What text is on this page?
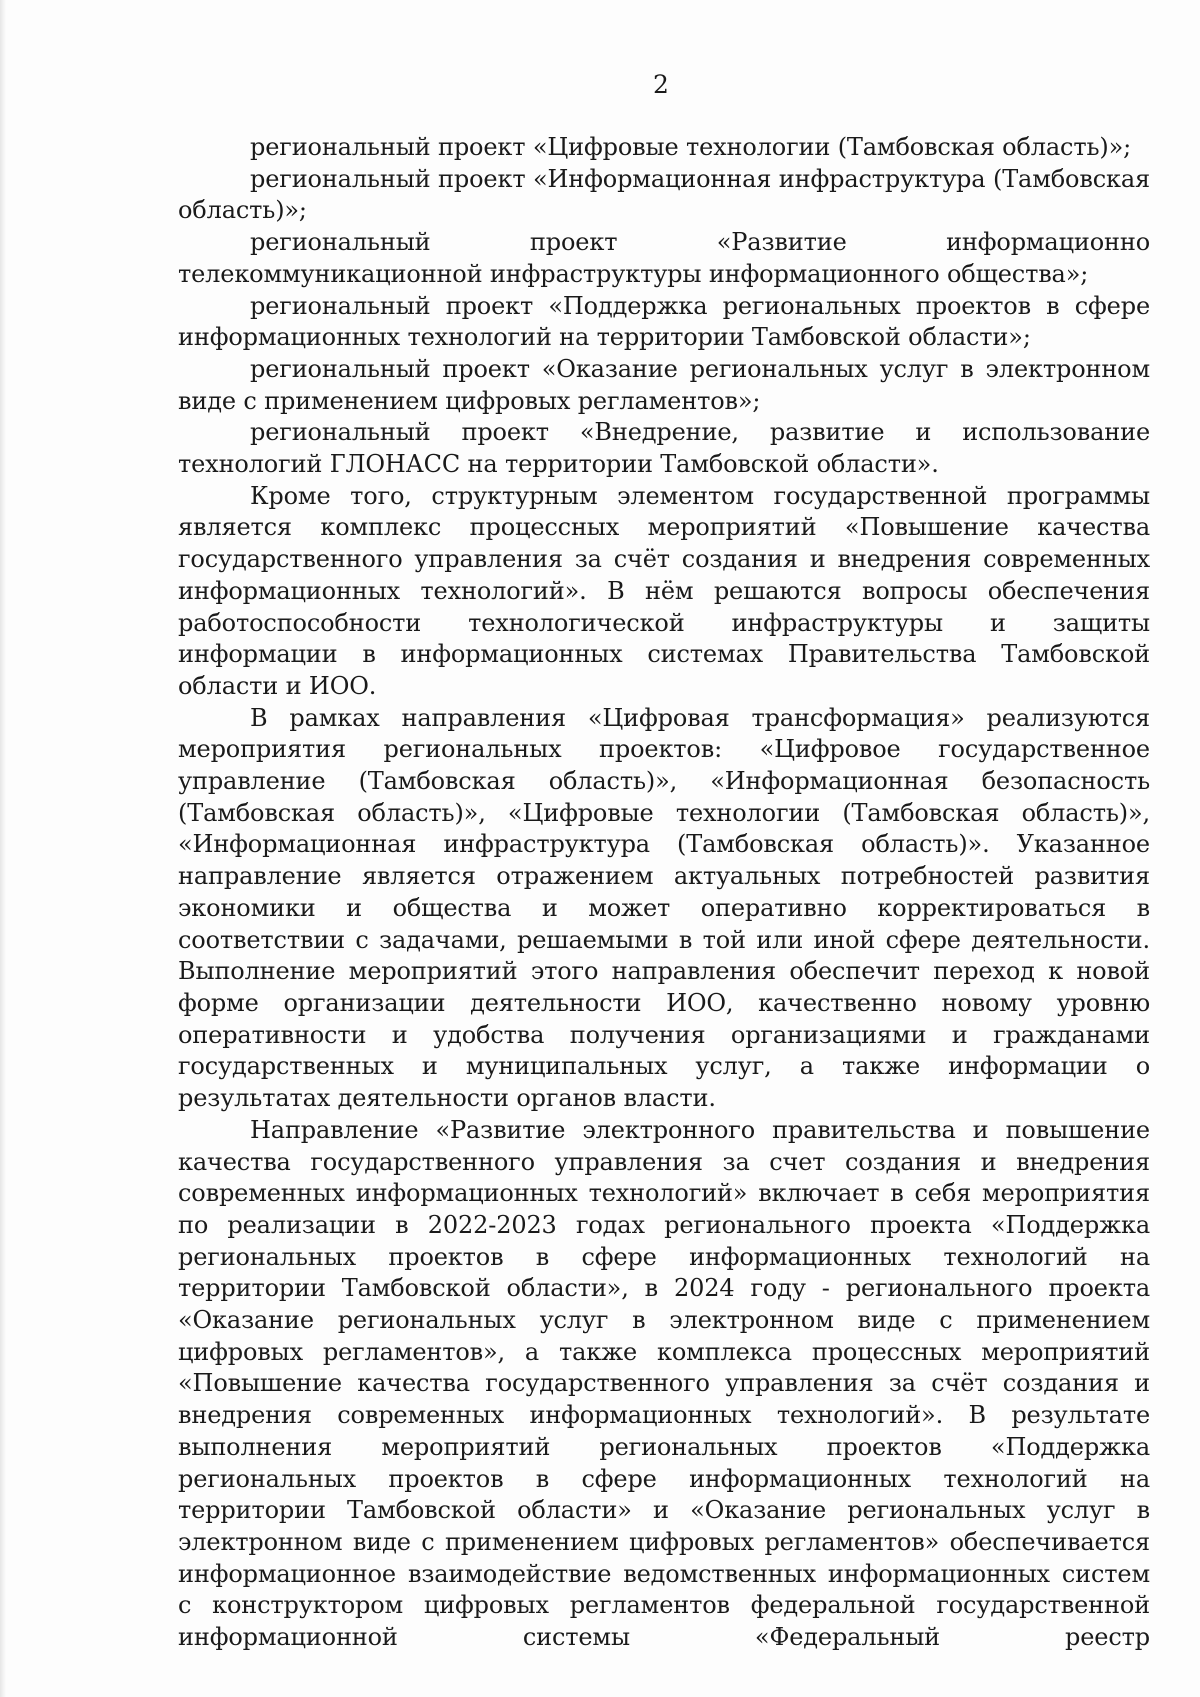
2

региональный проект «Цифровые технологии (Тамбовская область)»;

региональный проект «Информационная инфраструктура (Тамбовская область)»;

региональный проект «Развитие информационно телекоммуникационной инфраструктуры информационного общества»;

региональный проект «Поддержка региональных проектов в сфере информационных технологий на территории Тамбовской области»;

региональный проект «Оказание региональных услуг в электронном виде с применением цифровых регламентов»;

региональный проект «Внедрение, развитие и использование технологий ГЛОНАСС на территории Тамбовской области».

Кроме того, структурным элементом государственной программы является комплекс процессных мероприятий «Повышение качества государственного управления за счёт создания и внедрения современных информационных технологий». В нём решаются вопросы обеспечения работоспособности технологической инфраструктуры и защиты информации в информационных системах Правительства Тамбовской области и ИОО.

В рамках направления «Цифровая трансформация» реализуются мероприятия региональных проектов: «Цифровое государственное управление (Тамбовская область)», «Информационная безопасность (Тамбовская область)», «Цифровые технологии (Тамбовская область)», «Информационная инфраструктура (Тамбовская область)». Указанное направление является отражением актуальных потребностей развития экономики и общества и может оперативно корректироваться в соответствии с задачами, решаемыми в той или иной сфере деятельности. Выполнение мероприятий этого направления обеспечит переход к новой форме организации деятельности ИОО, качественно новому уровню оперативности и удобства получения организациями и гражданами государственных и муниципальных услуг, а также информации о результатах деятельности органов власти.

Направление «Развитие электронного правительства и повышение качества государственного управления за счет создания и внедрения современных информационных технологий» включает в себя мероприятия по реализации в 2022-2023 годах регионального проекта «Поддержка региональных проектов в сфере информационных технологий на территории Тамбовской области», в 2024 году - регионального проекта «Оказание региональных услуг в электронном виде с применением цифровых регламентов», а также комплекса процессных мероприятий «Повышение качества государственного управления за счёт создания и внедрения современных информационных технологий». В результате выполнения мероприятий региональных проектов «Поддержка региональных проектов в сфере информационных технологий на территории Тамбовской области» и «Оказание региональных услуг в электронном виде с применением цифровых регламентов» обеспечивается информационное взаимодействие ведомственных информационных систем с конструктором цифровых регламентов федеральной государственной информационной системы «Федеральный реестр
